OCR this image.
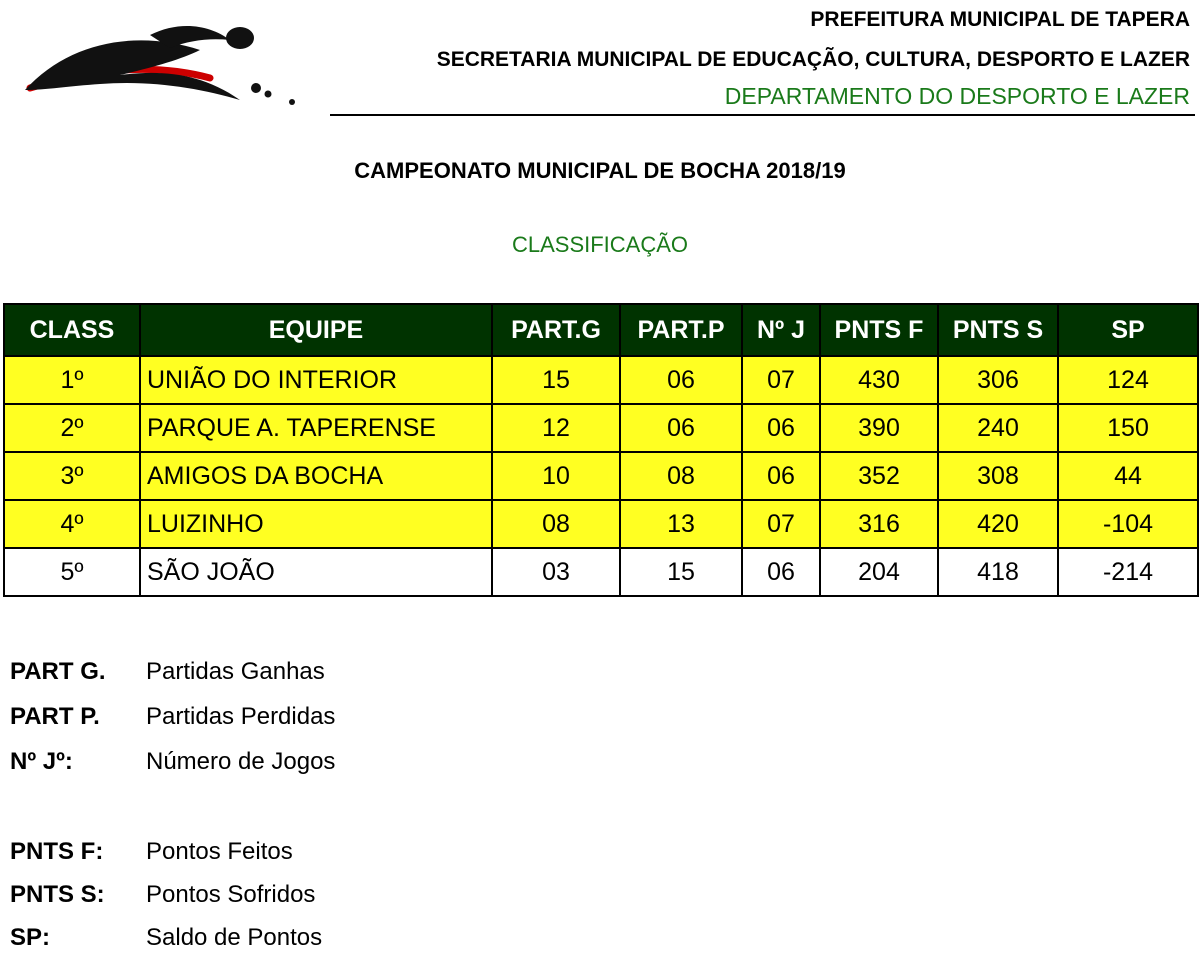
PREFEITURA MUNICIPAL DE TAPERA
SECRETARIA MUNICIPAL DE EDUCAÇÃO, CULTURA, DESPORTO E LAZER
DEPARTAMENTO DO DESPORTO E LAZER
CAMPEONATO MUNICIPAL DE BOCHA 2018/19
CLASSIFICAÇÃO
CLASS	EQUIPE	PART.G	PART.P	Nº J	PNTS F	PNTS S	SP
1º	UNIÃO DO INTERIOR	15	06	07	430	306	124
2º	PARQUE A. TAPERENSE	12	06	06	390	240	150
3º	AMIGOS DA BOCHA	10	08	06	352	308	44
4º	LUIZINHO	08	13	07	316	420	-104
5º	SÃO JOÃO	03	15	06	204	418	-214
PART G. Partidas Ganhas
PART P. Partidas Perdidas
Nº Jº:	Número de Jogos
PNTS F: Pontos Feitos
PNTS S: Pontos Sofridos
SP:	Saldo de Pontos
